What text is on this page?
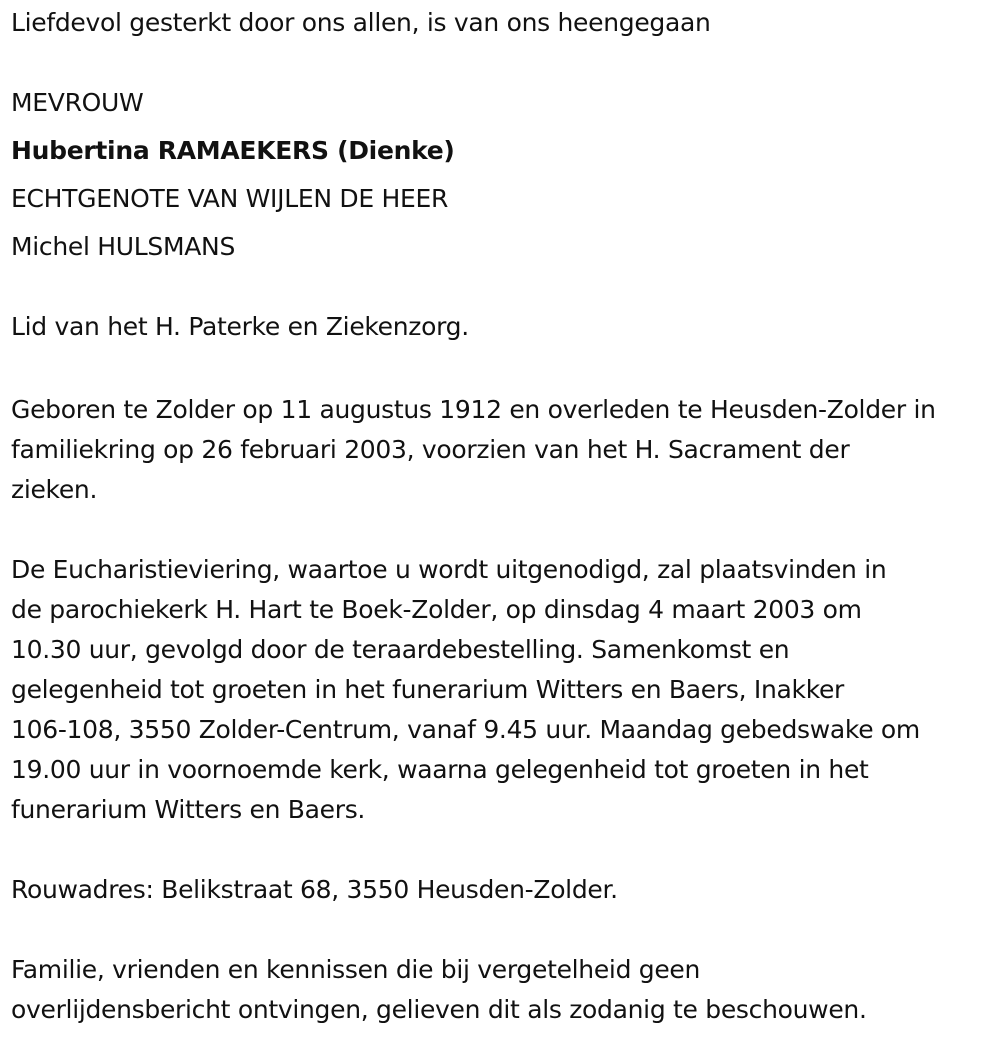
Liefdevol gesterkt door ons allen, is van ons heengegaan
MEVROUW
Hubertina RAMAEKERS (Dienke)
ECHTGENOTE VAN WIJLEN DE HEER
Michel HULSMANS
Lid van het H. Paterke en Ziekenzorg.
Geboren te Zolder op 11 augustus 1912 en overleden te Heusden-Zolder in
familiekring op 26 februari 2003, voorzien van het H. Sacrament der
zieken.
De Eucharistieviering, waartoe u wordt uitgenodigd, zal plaatsvinden in
de parochiekerk H. Hart te Boek-Zolder, op dinsdag 4 maart 2003 om
10.30 uur, gevolgd door de teraardebestelling. Samenkomst en
gelegenheid tot groeten in het funerarium Witters en Baers, Inakker
106-108, 3550 Zolder-Centrum, vanaf 9.45 uur. Maandag gebedswake om
19.00 uur in voornoemde kerk, waarna gelegenheid tot groeten in het
funerarium Witters en Baers.
Rouwadres: Belikstraat 68, 3550 Heusden-Zolder.
Familie, vrienden en kennissen die bij vergetelheid geen
overlijdensbericht ontvingen, gelieven dit als zodanig te beschouwen.
